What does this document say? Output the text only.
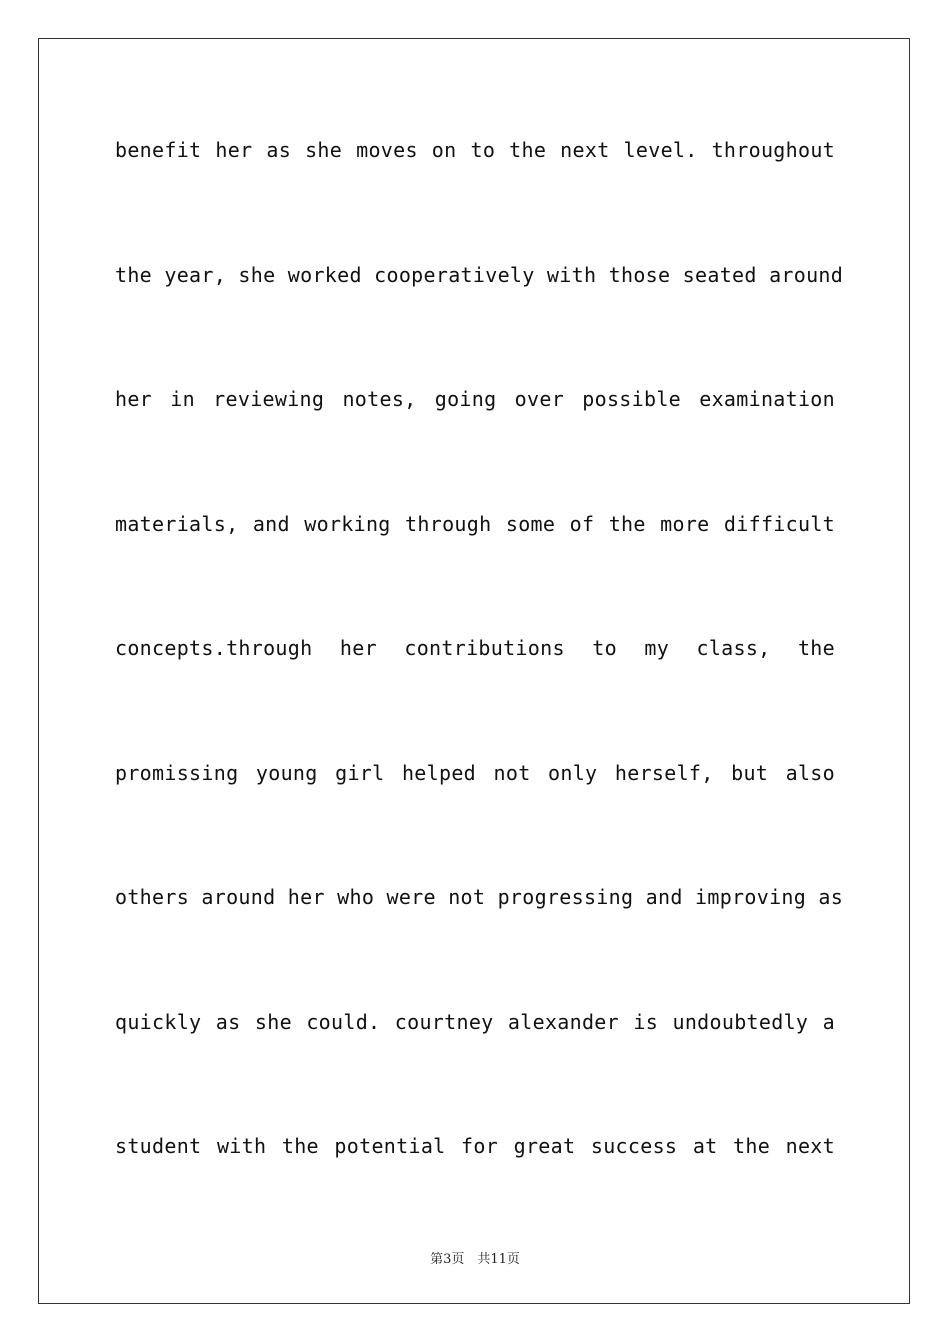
benefit her as she moves on to the next level. throughout
the year, she worked cooperatively with those seated around
her in reviewing notes, going over possible examination
materials, and working through some of the more difficult
concepts.through her contributions to my class, the
promissing young girl helped not only herself, but also
others around her who were not progressing and improving as
quickly as she could. courtney alexander is undoubtedly a
student with the potential for great success at the next
第3页　共11页
